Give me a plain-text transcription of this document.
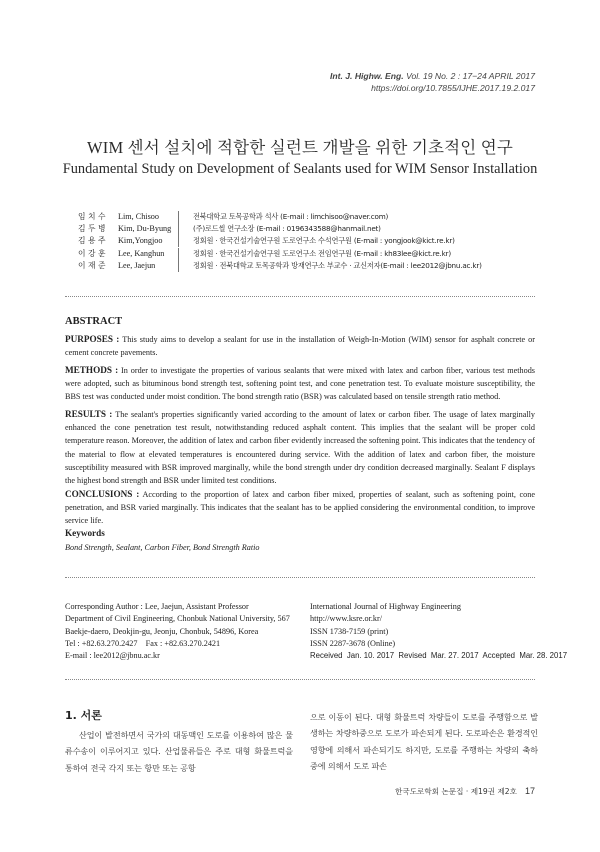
Int. J. Highw. Eng. Vol. 19 No. 2 : 17−24 APRIL 2017
https://doi.org/10.7855/IJHE.2017.19.2.017
WIM 센서 설치에 적합한 실런트 개발을 위한 기초적인 연구
Fundamental Study on Development of Sealants used for WIM Sensor Installation
임 치 수	Lim, Chisoo	전북대학교 토목공학과 석사 (E-mail : limchisoo@naver.com)
김 두 병	Kim, Du-Byung	(주)로드씰 연구소장 (E-mail : 0196343588@hanmail.net)
김 용 주	Kim,Yongjoo	정회원 · 한국건설기술연구원 도로연구소 수석연구원 (E-mail : yongjook@kict.re.kr)
이 강 훈	Lee, Kanghun	정회원 · 한국건설기술연구원 도로연구소 전임연구원 (E-mail : kh83lee@kict.re.kr)
이 재 준	Lee, Jaejun	정회원 · 전북대학교 토목공학과 방재연구소 부교수 · 교신저자(E-mail : lee2012@jbnu.ac.kr)
ABSTRACT
PURPOSES : This study aims to develop a sealant for use in the installation of Weigh-In-Motion (WIM) sensor for asphalt concrete or cement concrete pavements.
METHODS : In order to investigate the properties of various sealants that were mixed with latex and carbon fiber, various test methods were adopted, such as bituminous bond strength test, softening point test, and cone penetration test. To evaluate moisture susceptibility, the BBS test was conducted under moist condition. The bond strength ratio (BSR) was calculated based on tensile strength ratio method.
RESULTS : The sealant's properties significantly varied according to the amount of latex or carbon fiber. The usage of latex marginally enhanced the cone penetration test result, notwithstanding reduced asphalt content. This implies that the sealant will be proper cold temperature reason. Moreover, the addition of latex and carbon fiber evidently increased the softening point. This indicates that the tendency of the material to flow at elevated temperatures is encountered during service. With the addition of latex and carbon fiber, the moisture susceptibility measured with BSR improved marginally, while the bond strength under dry condition decreased marginally. Sealant F displays the highest bond strength and BSR under limited test conditions.
CONCLUSIONS : According to the proportion of latex and carbon fiber mixed, properties of sealant, such as softening point, cone penetration, and BSR varied marginally. This indicates that the sealant has to be applied considering the environmental condition, to improve service life.
Keywords
Bond Strength, Sealant, Carbon Fiber, Bond Strength Ratio
Corresponding Author : Lee, Jaejun, Assistant Professor
Department of Civil Engineering, Chonbuk National University, 567
Baekje-daero, Deokjin-gu, Jeonju, Chonbuk, 54896, Korea
Tel : +82.63.270.2427    Fax : +82.63.270.2421
E-mail : lee2012@jbnu.ac.kr
International Journal of Highway Engineering
http://www.ksre.or.kr/
ISSN 1738-7159 (print)
ISSN 2287-3678 (Online)
Received  Jan. 10. 2017  Revised  Mar. 27. 2017  Accepted  Mar. 28. 2017
1. 서론
산업이 발전하면서 국가의 대동맥인 도로를 이용하여 많은 물류수송이 이루어지고 있다. 산업물류들은 주로 대형 화물트럭을 통하여 전국 각지 또는 항만 또는 공항
으로 이동이 된다. 대형 화물트럭 차량들이 도로를 주행함으로 발생하는 차량하중으로 도로가 파손되게 된다. 도로파손은 환경적인 영향에 의해서 파손되기도 하지만, 도로를 주행하는 차량의 축하중에 의해서 도로 파손
한국도로학회 논문집 · 제19권 제2호 17
